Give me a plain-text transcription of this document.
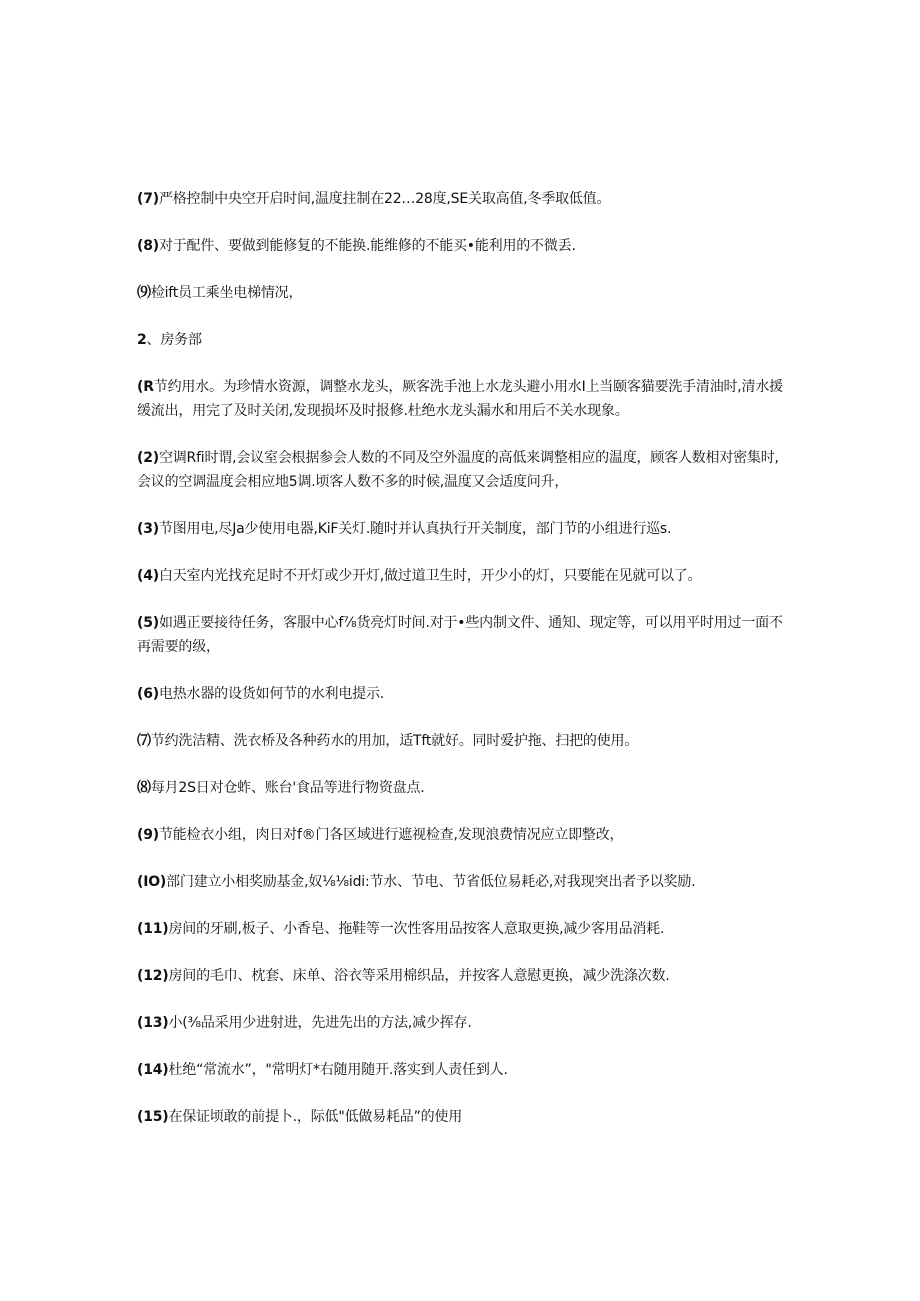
(7)严格控制中央空开启时间,温度拄制在22…28度,SE关取高值,冬季取低值。

(8)对于配件、要做到能修复的不能换.能维修的不能买•能利用的不微丢.

⑼检ift员工乘坐电梯情况，

2、房务部

(R节约用水。为珍情水资源，调整水龙头，厥客洗手池上水龙头避小用水I上当颐客猫要洗手清油时,清水援缓流出，用完了及时关闭,发现损坏及时报修.杜绝水龙头漏水和用后不关水现象。

(2)空调Rfi时谓,会议室会根据参会人数的不同及空外温度的高低来调整相应的温度，顾客人数相对密集时,会议的空调温度会相应地5调.顷客人数不多的时候,温度又会适度问升，

(3)节图用电,尽Ja少使用电器,KiF关灯.随时并认真执行开关制度，部门节的小组进行巡s.

(4)白天室内光找充足时不开灯或少开灯,做过道卫生时，开少小的灯，只要能在见就可以了。

(5)如遇正要接待任务，客服中心f⅞货亮灯时间.对于•些内制文件、通知、现定等，可以用平时用过一面不再需要的级，

(6)电热水器的设货如何节的水利电提示.

⑺节约洗洁精、洗衣桥及各种药水的用加，适Tft就好。同时爱护拖、扫把的使用。

⑻每月2S日对仓蚱、账台'食品等进行物资盘点.

(9)节能检衣小组，肉日对f®门各区域进行遮视检查,发现浪费情况应立即整改，

(IO)部门建立小相奖励基金,奴⅛⅛idi:节水、节电、节省低位易耗必,对我现突出者予以奖励.

(11)房间的牙刷,板子、小香皂、拖鞋等一次性客用品按客人意取更换,减少客用品消耗.

(12)房间的毛巾、枕套、床单、浴衣等采用棉织品，并按客人意慰更换，减少洗涤次数.

(13)小(⅜品采用少进射进，先进先出的方法,减少挥存.

(14)杜绝“常流水”，"常明灯*右随用随开.落实到人责任到人.

(15)在保证顷敢的前提卜.，际低"低做易耗品”的使用
